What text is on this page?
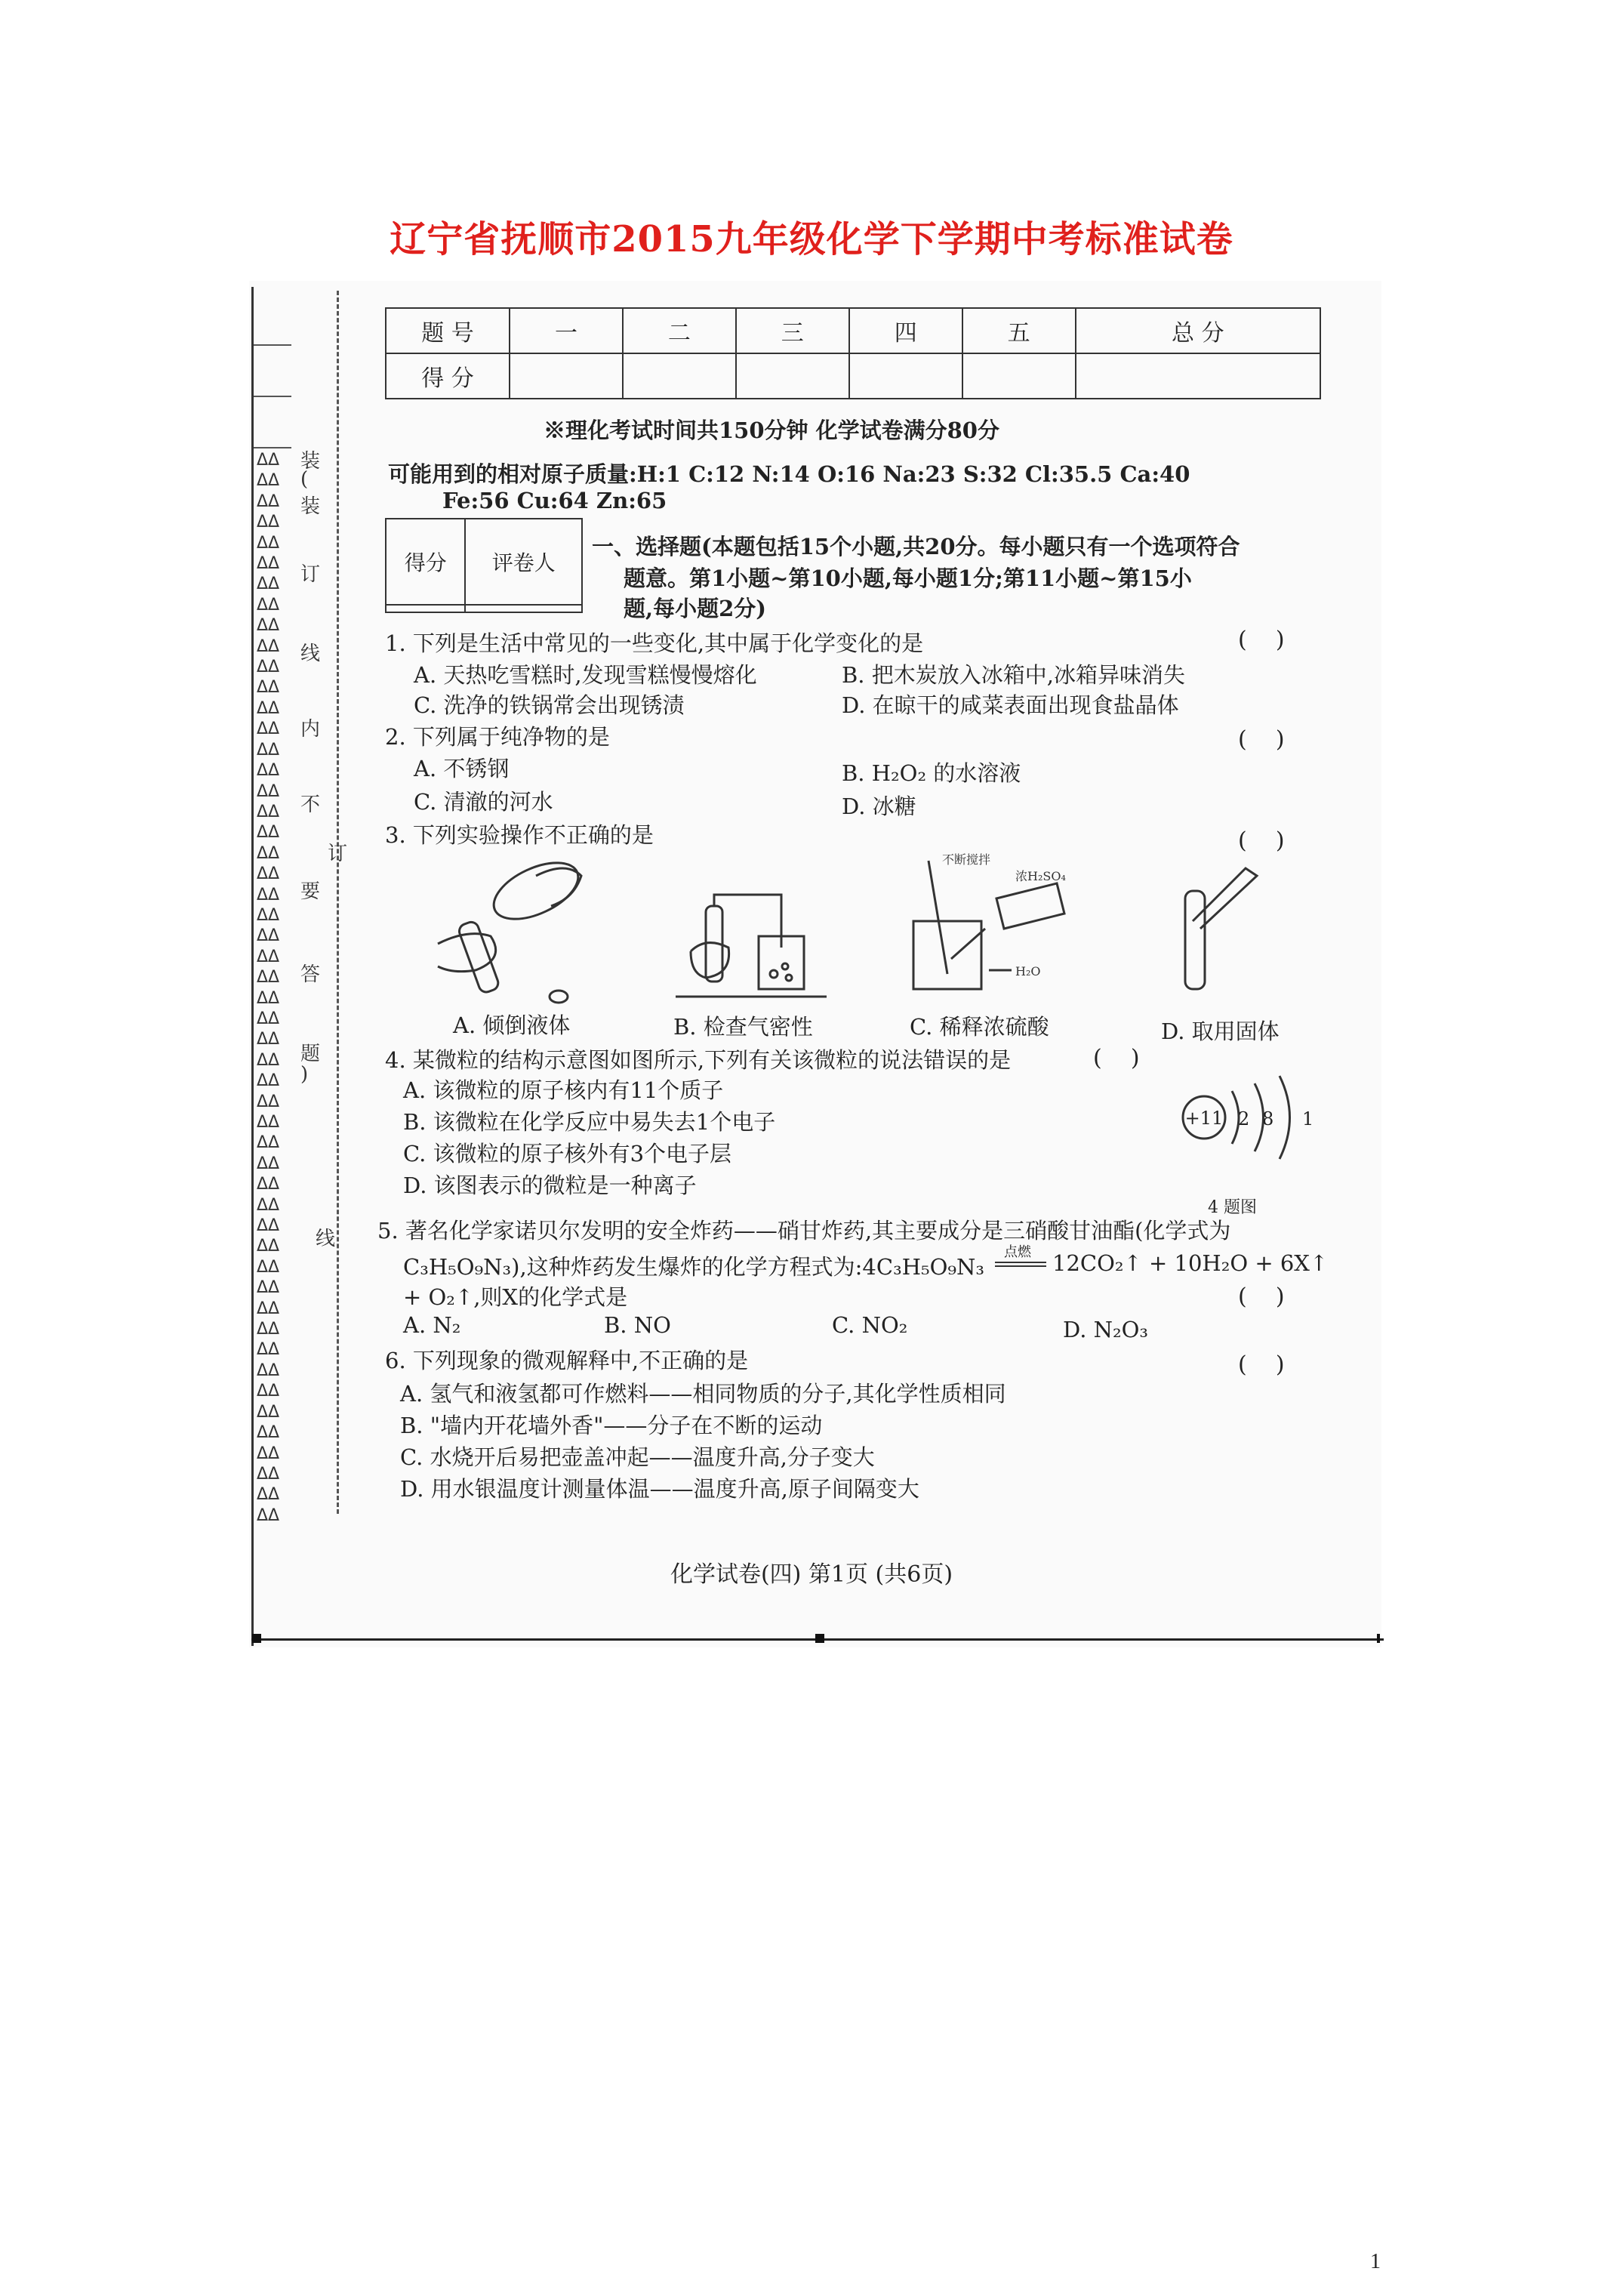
辽宁省抚顺市2015九年级化学下学期中考标准试卷
ΔΔ
ΔΔ
ΔΔ
ΔΔ
ΔΔ
ΔΔ
ΔΔ
ΔΔ
ΔΔ
ΔΔ
ΔΔ
ΔΔ
ΔΔ
ΔΔ
ΔΔ
ΔΔ
ΔΔ
ΔΔ
ΔΔ
ΔΔ
ΔΔ
ΔΔ
ΔΔ
ΔΔ
ΔΔ
ΔΔ
ΔΔ
ΔΔ
ΔΔ
ΔΔ
ΔΔ
ΔΔ
ΔΔ
ΔΔ
ΔΔ
ΔΔ
ΔΔ
ΔΔ
ΔΔ
ΔΔ
ΔΔ
ΔΔ
ΔΔ
ΔΔ
ΔΔ
ΔΔ
ΔΔ
ΔΔ
ΔΔ
ΔΔ
ΔΔ
ΔΔ
装
(
装
订
线
内
不
订
要
答
题
)
线
题 号	一	二	三	四	五	总 分
得 分						
※理化考试时间共150分钟 化学试卷满分80分
可能用到的相对原子质量:H:1 C:12 N:14 O:16 Na:23 S:32 Cl:35.5 Ca:40
Fe:56 Cu:64 Zn:65
得分	评卷人

一、选择题(本题包括15个小题,共20分。每小题只有一个选项符合
题意。第1小题~第10小题,每小题1分;第11小题~第15小
题,每小题2分)
1. 下列是生活中常见的一些变化,其中属于化学变化的是	(    )
A. 天热吃雪糕时,发现雪糕慢慢熔化	B. 把木炭放入冰箱中,冰箱异味消失
C. 洗净的铁锅常会出现锈渍	D. 在晾干的咸菜表面出现食盐晶体
2. 下列属于纯净物的是	(    )
A. 不锈钢	B. H₂O₂ 的水溶液
C. 清澈的河水	D. 冰糖
3. 下列实验操作不正确的是	(    )
不断搅拌
浓H₂SO₄
H₂O
A. 倾倒液体	B. 检查气密性	C. 稀释浓硫酸	D. 取用固体
4. 某微粒的结构示意图如图所示,下列有关该微粒的说法错误的是	(    )
A. 该微粒的原子核内有11个质子
B. 该微粒在化学反应中易失去1个电子
C. 该微粒的原子核外有3个电子层
D. 该图表示的微粒是一种离子
+11 2 8 1
4 题图
5. 著名化学家诺贝尔发明的安全炸药——硝甘炸药,其主要成分是三硝酸甘油酯(化学式为
C₃H₅O₉N₃),这种炸药发生爆炸的化学方程式为:4C₃H₅O₉N₃
点燃 12CO₂↑ + 10H₂O + 6X↑
+ O₂↑,则X的化学式是	(    )
A. N₂	B. NO	C. NO₂	D. N₂O₃
6. 下列现象的微观解释中,不正确的是	(    )
A. 氢气和液氢都可作燃料——相同物质的分子,其化学性质相同
B. "墙内开花墙外香"——分子在不断的运动
C. 水烧开后易把壶盖冲起——温度升高,分子变大
D. 用水银温度计测量体温——温度升高,原子间隔变大
化学试卷(四) 第1页 (共6页)
1
